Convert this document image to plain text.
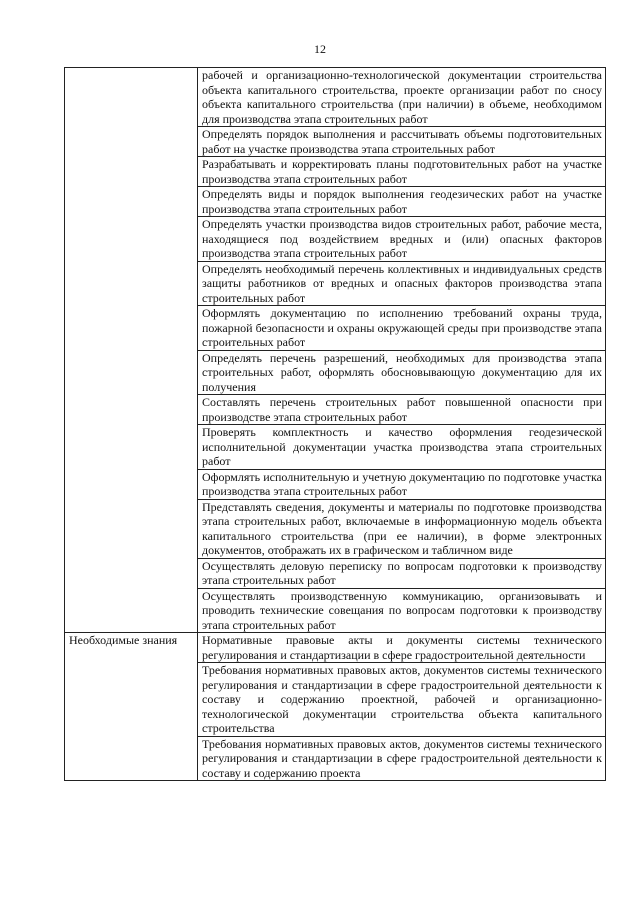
12
	рабочей и организационно-технологической документации строительства объекта капитального строительства, проекте организации работ по сносу объекта капитального строительства (при наличии) в объеме, необходимом для производства этапа строительных работ
	Определять порядок выполнения и рассчитывать объемы подготовительных работ на участке производства этапа строительных работ
	Разрабатывать и корректировать планы подготовительных работ на участке производства этапа строительных работ
	Определять виды и порядок выполнения геодезических работ на участке производства этапа строительных работ
	Определять участки производства видов строительных работ, рабочие места, находящиеся под воздействием вредных и (или) опасных факторов производства этапа строительных работ
	Определять необходимый перечень коллективных и индивидуальных средств защиты работников от вредных и опасных факторов производства этапа строительных работ
	Оформлять документацию по исполнению требований охраны труда, пожарной безопасности и охраны окружающей среды при производстве этапа строительных работ
	Определять перечень разрешений, необходимых для производства этапа строительных работ, оформлять обосновывающую документацию для их получения
	Составлять перечень строительных работ повышенной опасности при производстве этапа строительных работ
	Проверять комплектность и качество оформления геодезической исполнительной документации участка производства этапа строительных работ
	Оформлять исполнительную и учетную документацию по подготовке участка производства этапа строительных работ
	Представлять сведения, документы и материалы по подготовке производства этапа строительных работ, включаемые в информационную модель объекта капитального строительства (при ее наличии), в форме электронных документов, отображать их в графическом и табличном виде
	Осуществлять деловую переписку по вопросам подготовки к производству этапа строительных работ
	Осуществлять производственную коммуникацию, организовывать и проводить технические совещания по вопросам подготовки к производству этапа строительных работ
Необходимые знания	Нормативные правовые акты и документы системы технического регулирования и стандартизации в сфере градостроительной деятельности
	Требования нормативных правовых актов, документов системы технического регулирования и стандартизации в сфере градостроительной деятельности к составу и содержанию проектной, рабочей и организационно-технологической документации строительства объекта капитального строительства
	Требования нормативных правовых актов, документов системы технического регулирования и стандартизации в сфере градостроительной деятельности к составу и содержанию проекта
